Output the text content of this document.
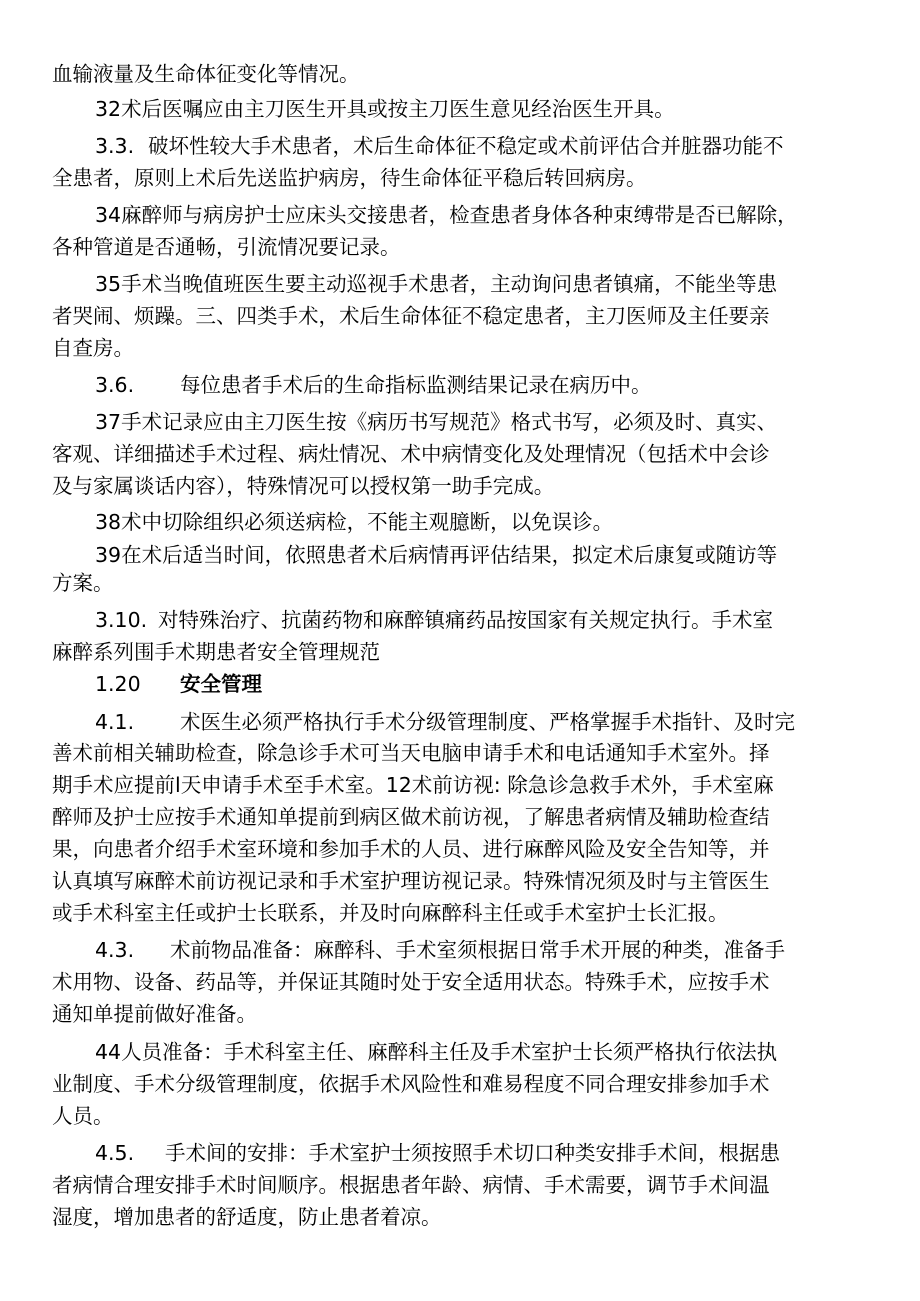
血输液量及生命体征变化等情况。
32术后医嘱应由主刀医生开具或按主刀医生意见经治医生开具。
3.3. 破坏性较大手术患者，术后生命体征不稳定或术前评估合并脏器功能不
全患者，原则上术后先送监护病房，待生命体征平稳后转回病房。
34麻醉师与病房护士应床头交接患者，检查患者身体各种束缚带是否已解除，
各种管道是否通畅，引流情况要记录。
35手术当晚值班医生要主动巡视手术患者，主动询问患者镇痛，不能坐等患
者哭闹、烦躁。三、四类手术，术后生命体征不稳定患者，主刀医师及主任要亲
自查房。
3.6. 每位患者手术后的生命指标监测结果记录在病历中。
37手术记录应由主刀医生按《病历书写规范》格式书写，必须及时、真实、
客观、详细描述手术过程、病灶情况、术中病情变化及处理情况（包括术中会诊
及与家属谈话内容），特殊情况可以授权第一助手完成。
38术中切除组织必须送病检，不能主观臆断，以免误诊。
39在术后适当时间，依照患者术后病情再评估结果，拟定术后康复或随访等
方案。
3.10. 对特殊治疗、抗菌药物和麻醉镇痛药品按国家有关规定执行。手术室
麻醉系列围手术期患者安全管理规范
1.20 安全管理
4.1. 术医生必须严格执行手术分级管理制度、严格掌握手术指针、及时完
善术前相关辅助检查，除急诊手术可当天电脑申请手术和电话通知手术室外。择
期手术应提前l天申请手术至手术室。12术前访视: 除急诊急救手术外，手术室麻
醉师及护士应按手术通知单提前到病区做术前访视，了解患者病情及辅助检查结
果，向患者介绍手术室环境和参加手术的人员、进行麻醉风险及安全告知等，并
认真填写麻醉术前访视记录和手术室护理访视记录。特殊情况须及时与主管医生
或手术科室主任或护士长联系，并及时向麻醉科主任或手术室护士长汇报。
4.3. 术前物品准备：麻醉科、手术室须根据日常手术开展的种类，准备手
术用物、设备、药品等，并保证其随时处于安全适用状态。特殊手术，应按手术
通知单提前做好准备。
44人员准备：手术科室主任、麻醉科主任及手术室护士长须严格执行依法执
业制度、手术分级管理制度，依据手术风险性和难易程度不同合理安排参加手术
人员。
4.5. 手术间的安排：手术室护士须按照手术切口种类安排手术间，根据患
者病情合理安排手术时间顺序。根据患者年龄、病情、手术需要，调节手术间温
湿度，增加患者的舒适度，防止患者着凉。
